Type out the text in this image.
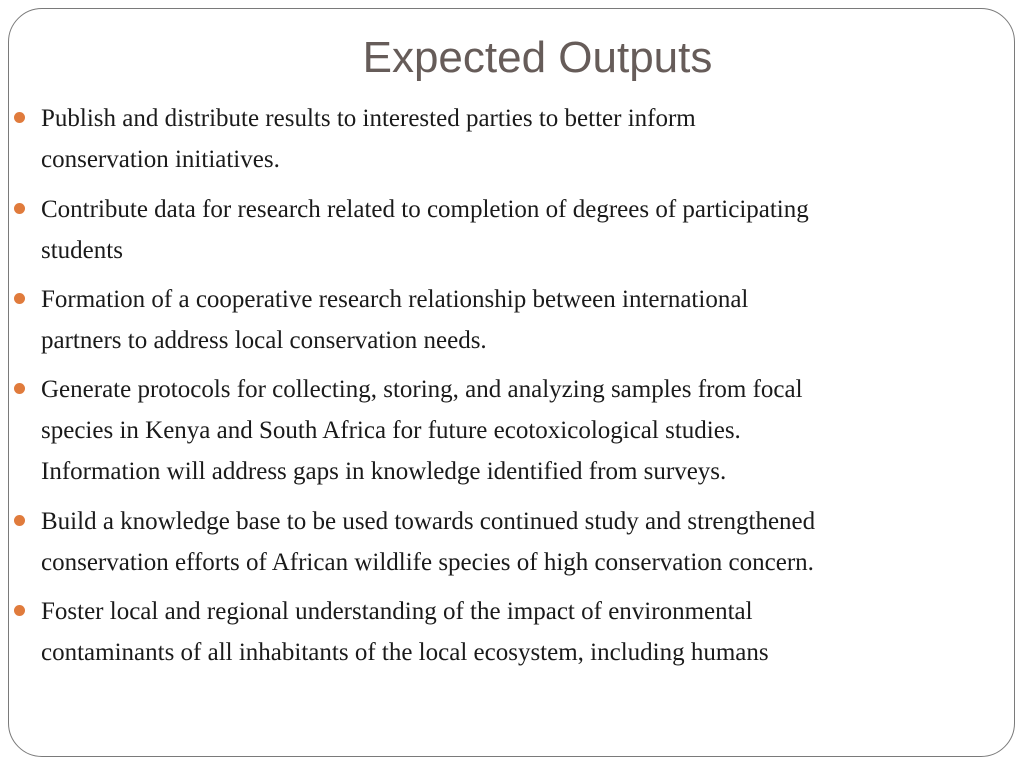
Expected Outputs
Publish and distribute results to interested parties to better inform
conservation initiatives.
Contribute data for research related to completion of degrees of participating
students
Formation of a cooperative research relationship between international
partners to address local conservation needs.
Generate protocols for collecting, storing, and analyzing samples from focal
species in Kenya and South Africa for future ecotoxicological studies.
Information will address gaps in knowledge identified from surveys.
Build a knowledge base to be used towards continued study and strengthened
conservation efforts of African wildlife species of high conservation concern.
Foster local and regional understanding of the impact of environmental
contaminants of all inhabitants of the local ecosystem, including humans
